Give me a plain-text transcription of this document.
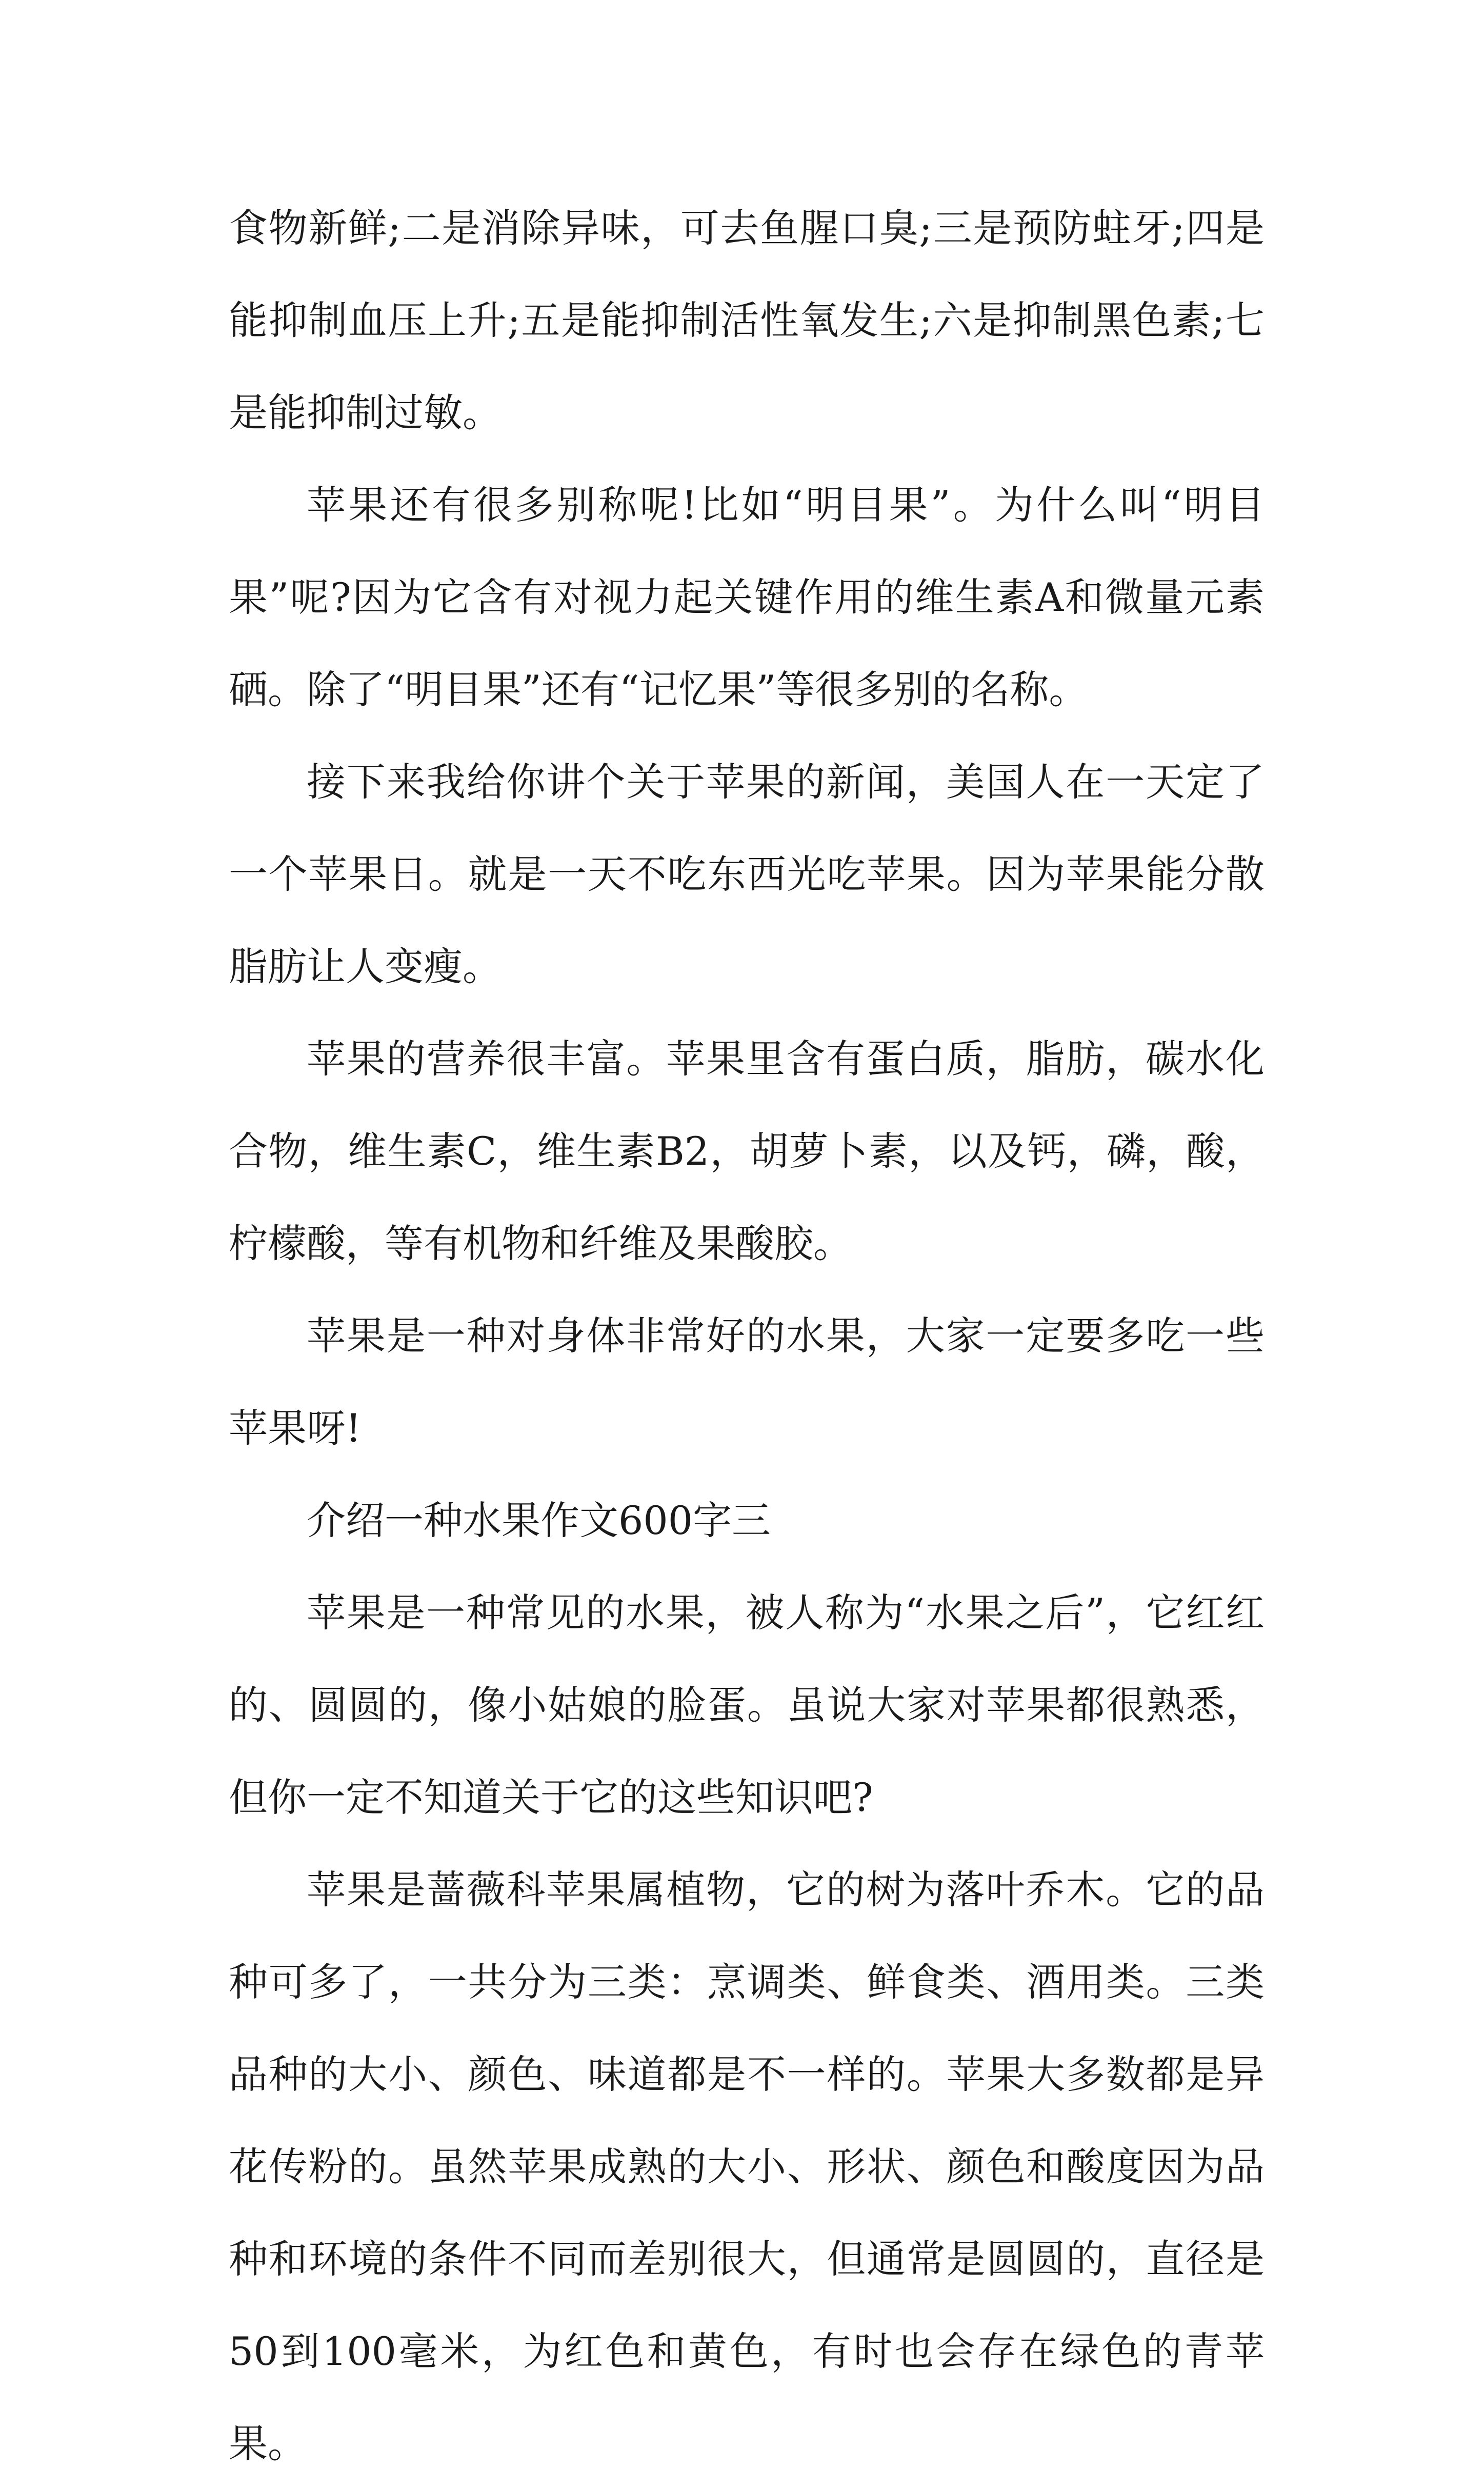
食物新鲜;二是消除异味，可去鱼腥口臭;三是预防蛀牙;四是能抑制血压上升;五是能抑制活性氧发生;六是抑制黑色素;七是能抑制过敏。

苹果还有很多别称呢!比如“明目果”。为什么叫“明目果”呢?因为它含有对视力起关键作用的维生素A和微量元素硒。除了“明目果”还有“记忆果”等很多别的名称。

接下来我给你讲个关于苹果的新闻，美国人在一天定了一个苹果日。就是一天不吃东西光吃苹果。因为苹果能分散脂肪让人变瘦。

苹果的营养很丰富。苹果里含有蛋白质，脂肪，碳水化合物，维生素C，维生素B2，胡萝卜素，以及钙，磷，酸，柠檬酸，等有机物和纤维及果酸胶。

苹果是一种对身体非常好的水果，大家一定要多吃一些苹果呀!

介绍一种水果作文600字三

苹果是一种常见的水果，被人称为“水果之后”，它红红的、圆圆的，像小姑娘的脸蛋。虽说大家对苹果都很熟悉，但你一定不知道关于它的这些知识吧?

苹果是蔷薇科苹果属植物，它的树为落叶乔木。它的品种可多了，一共分为三类：烹调类、鲜食类、酒用类。三类品种的大小、颜色、味道都是不一样的。苹果大多数都是异花传粉的。虽然苹果成熟的大小、形状、颜色和酸度因为品种和环境的条件不同而差别很大，但通常是圆圆的，直径是50到100毫米，为红色和黄色，有时也会存在绿色的青苹果。
